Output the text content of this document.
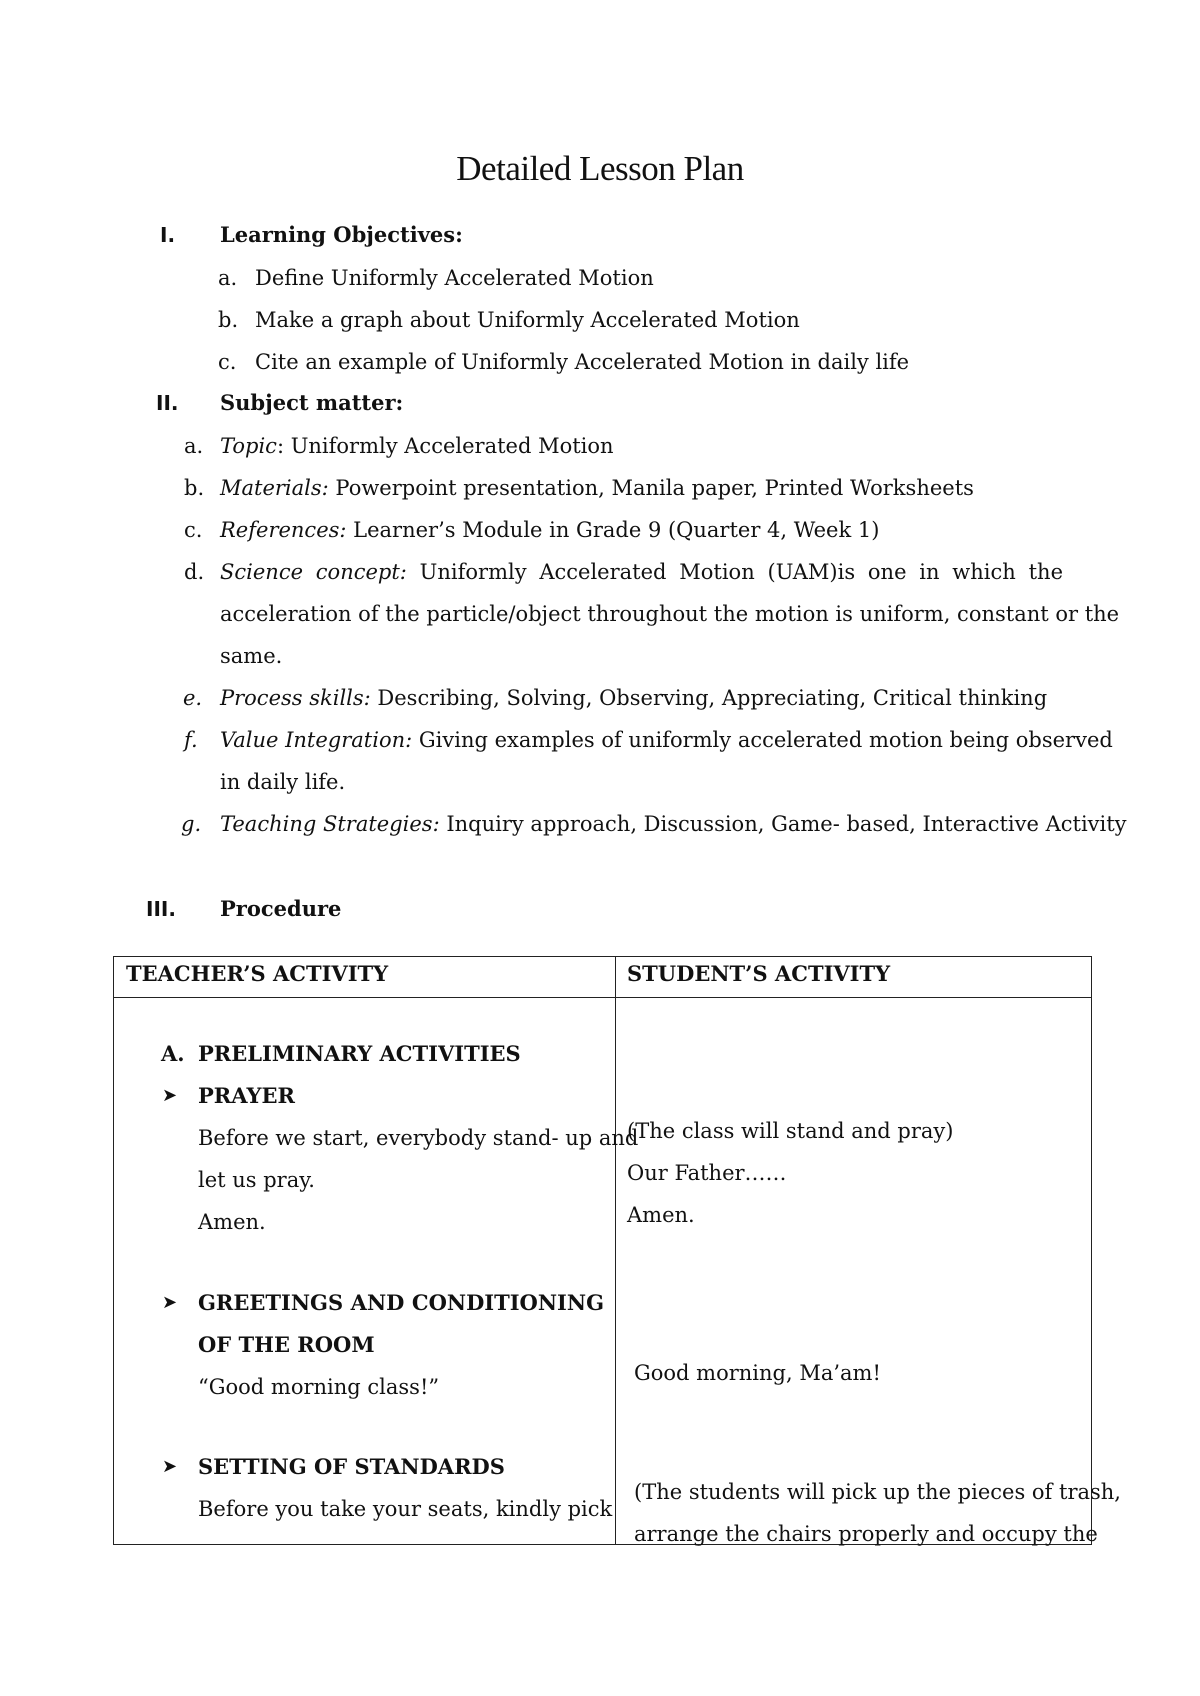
Detailed Lesson Plan
I. Learning Objectives:
a. Define Uniformly Accelerated Motion
b. Make a graph about Uniformly Accelerated Motion
c. Cite an example of Uniformly Accelerated Motion in daily life
II. Subject matter:
a. Topic: Uniformly Accelerated Motion
b. Materials: Powerpoint presentation, Manila paper, Printed Worksheets
c. References: Learner’s Module in Grade 9 (Quarter 4, Week 1)
d. Science concept: Uniformly Accelerated Motion (UAM)is one in which the
acceleration of the particle/object throughout the motion is uniform, constant or the
same.
e. Process skills: Describing, Solving, Observing, Appreciating, Critical thinking
f. Value Integration: Giving examples of uniformly accelerated motion being observed
in daily life.
g. Teaching Strategies: Inquiry approach, Discussion, Game- based, Interactive Activity
III. Procedure
TEACHER’S ACTIVITY	STUDENT’S ACTIVITY
A. PRELIMINARY ACTIVITIES
➤ PRAYER
Before we start, everybody stand- up and
let us pray.
Amen.
(The class will stand and pray)
Our Father……
Amen.
➤ GREETINGS AND CONDITIONING
OF THE ROOM
“Good morning class!”
Good morning, Ma’am!
➤ SETTING OF STANDARDS
Before you take your seats, kindly pick
(The students will pick up the pieces of trash,
arrange the chairs properly and occupy the
